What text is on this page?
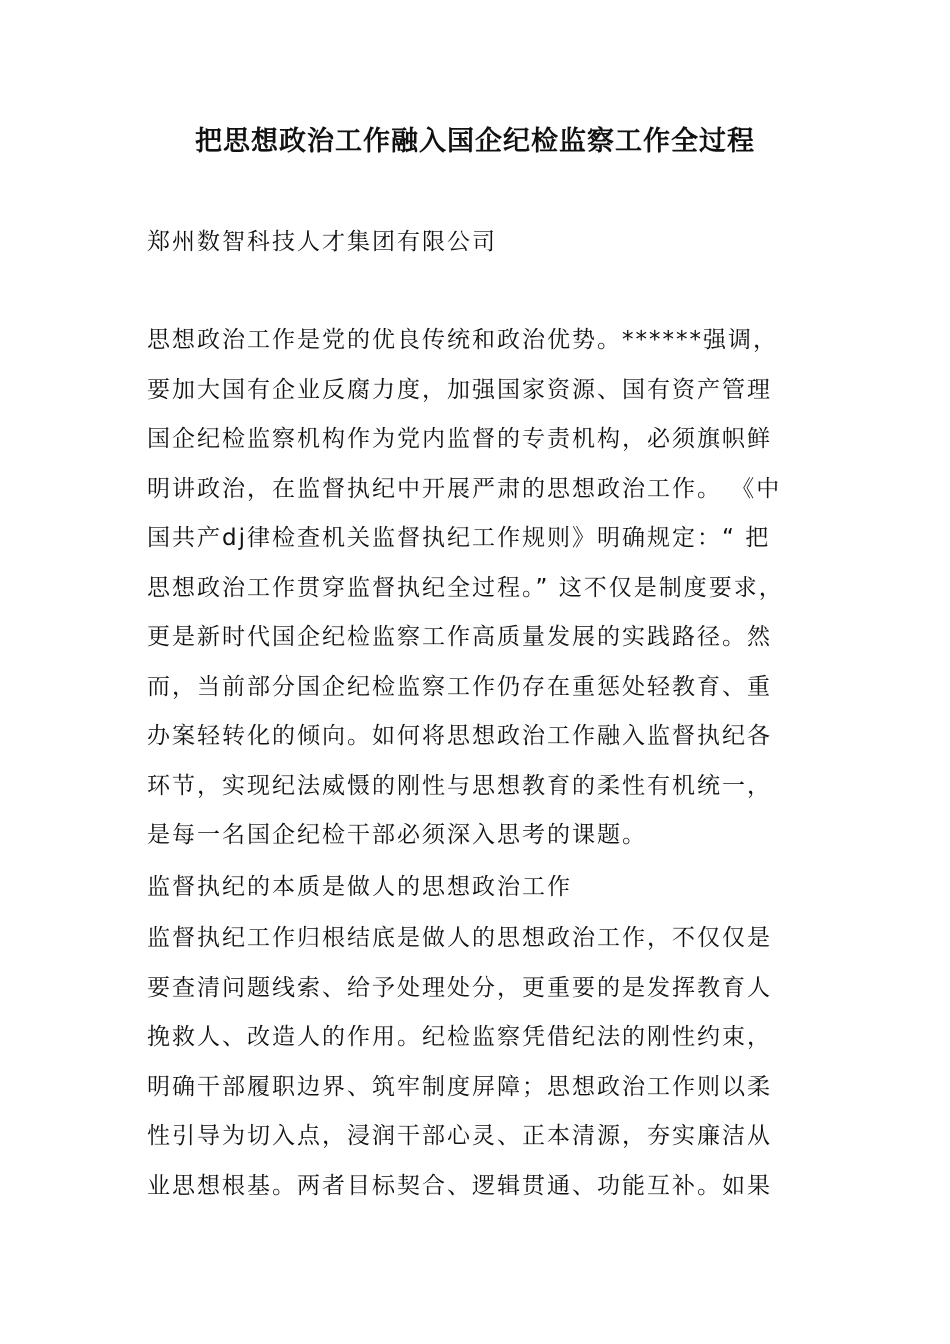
把思想政治工作融入国企纪检监察工作全过程
郑州数智科技人才集团有限公司
思想政治工作是党的优良传统和政治优势。******强调，
要加大国有企业反腐力度，加强国家资源、国有资产管理
国企纪检监察机构作为党内监督的专责机构，必须旗帜鲜
明讲政治，在监督执纪中开展严肃的思想政治工作。 《中
国共产dj律检查机关监督执纪工作规则》明确规定：“ 把
思想政治工作贯穿监督执纪全过程。” 这不仅是制度要求，
更是新时代国企纪检监察工作高质量发展的实践路径。然
而，当前部分国企纪检监察工作仍存在重惩处轻教育、重
办案轻转化的倾向。如何将思想政治工作融入监督执纪各
环节，实现纪法威慑的刚性与思想教育的柔性有机统一，
是每一名国企纪检干部必须深入思考的课题。
监督执纪的本质是做人的思想政治工作
监督执纪工作归根结底是做人的思想政治工作，不仅仅是
要查清问题线索、给予处理处分，更重要的是发挥教育人
挽救人、改造人的作用。纪检监察凭借纪法的刚性约束，
明确干部履职边界、筑牢制度屏障；思想政治工作则以柔
性引导为切入点，浸润干部心灵、正本清源，夯实廉洁从
业思想根基。两者目标契合、逻辑贯通、功能互补。如果
